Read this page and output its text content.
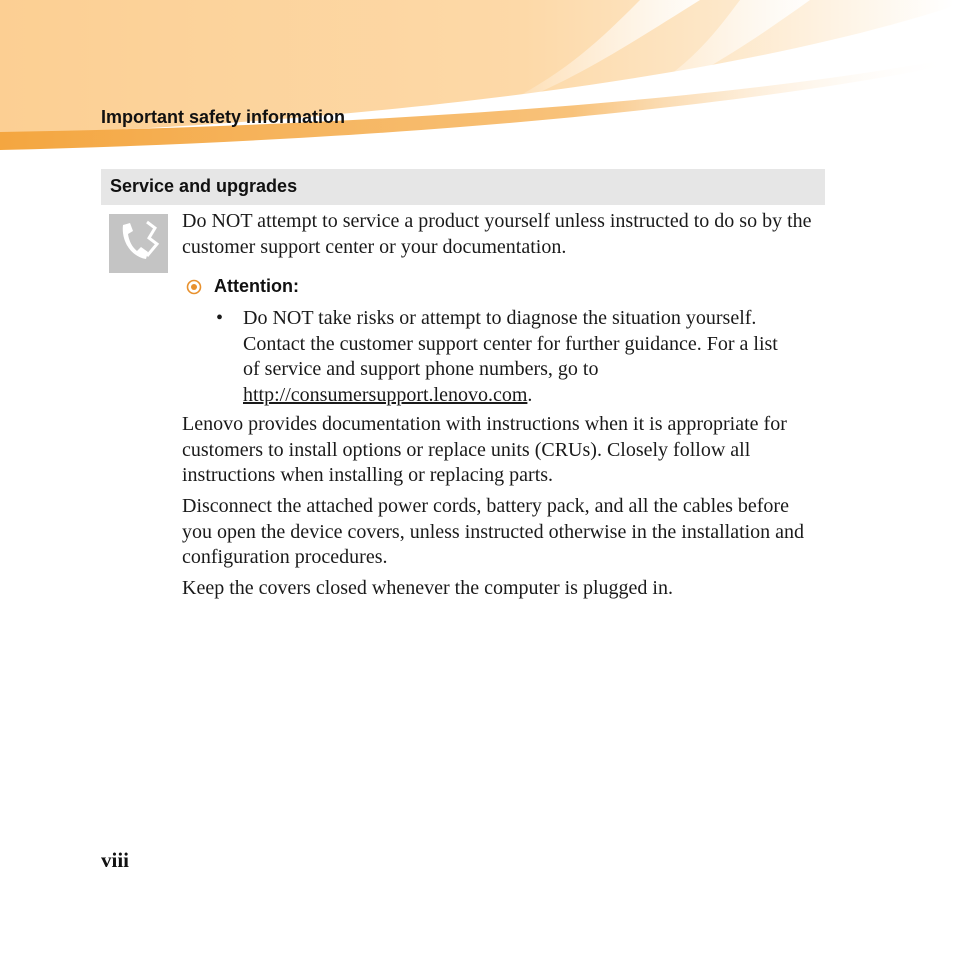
Important safety information
Service and upgrades
Do NOT attempt to service a product yourself unless instructed to do so by the customer support center or your documentation.
Attention:
• Do NOT take risks or attempt to diagnose the situation yourself. Contact the customer support center for further guidance. For a list of service and support phone numbers, go to http://consumersupport.lenovo.com.
Lenovo provides documentation with instructions when it is appropriate for customers to install options or replace units (CRUs). Closely follow all instructions when installing or replacing parts.
Disconnect the attached power cords, battery pack, and all the cables before you open the device covers, unless instructed otherwise in the installation and configuration procedures.
Keep the covers closed whenever the computer is plugged in.
viii
